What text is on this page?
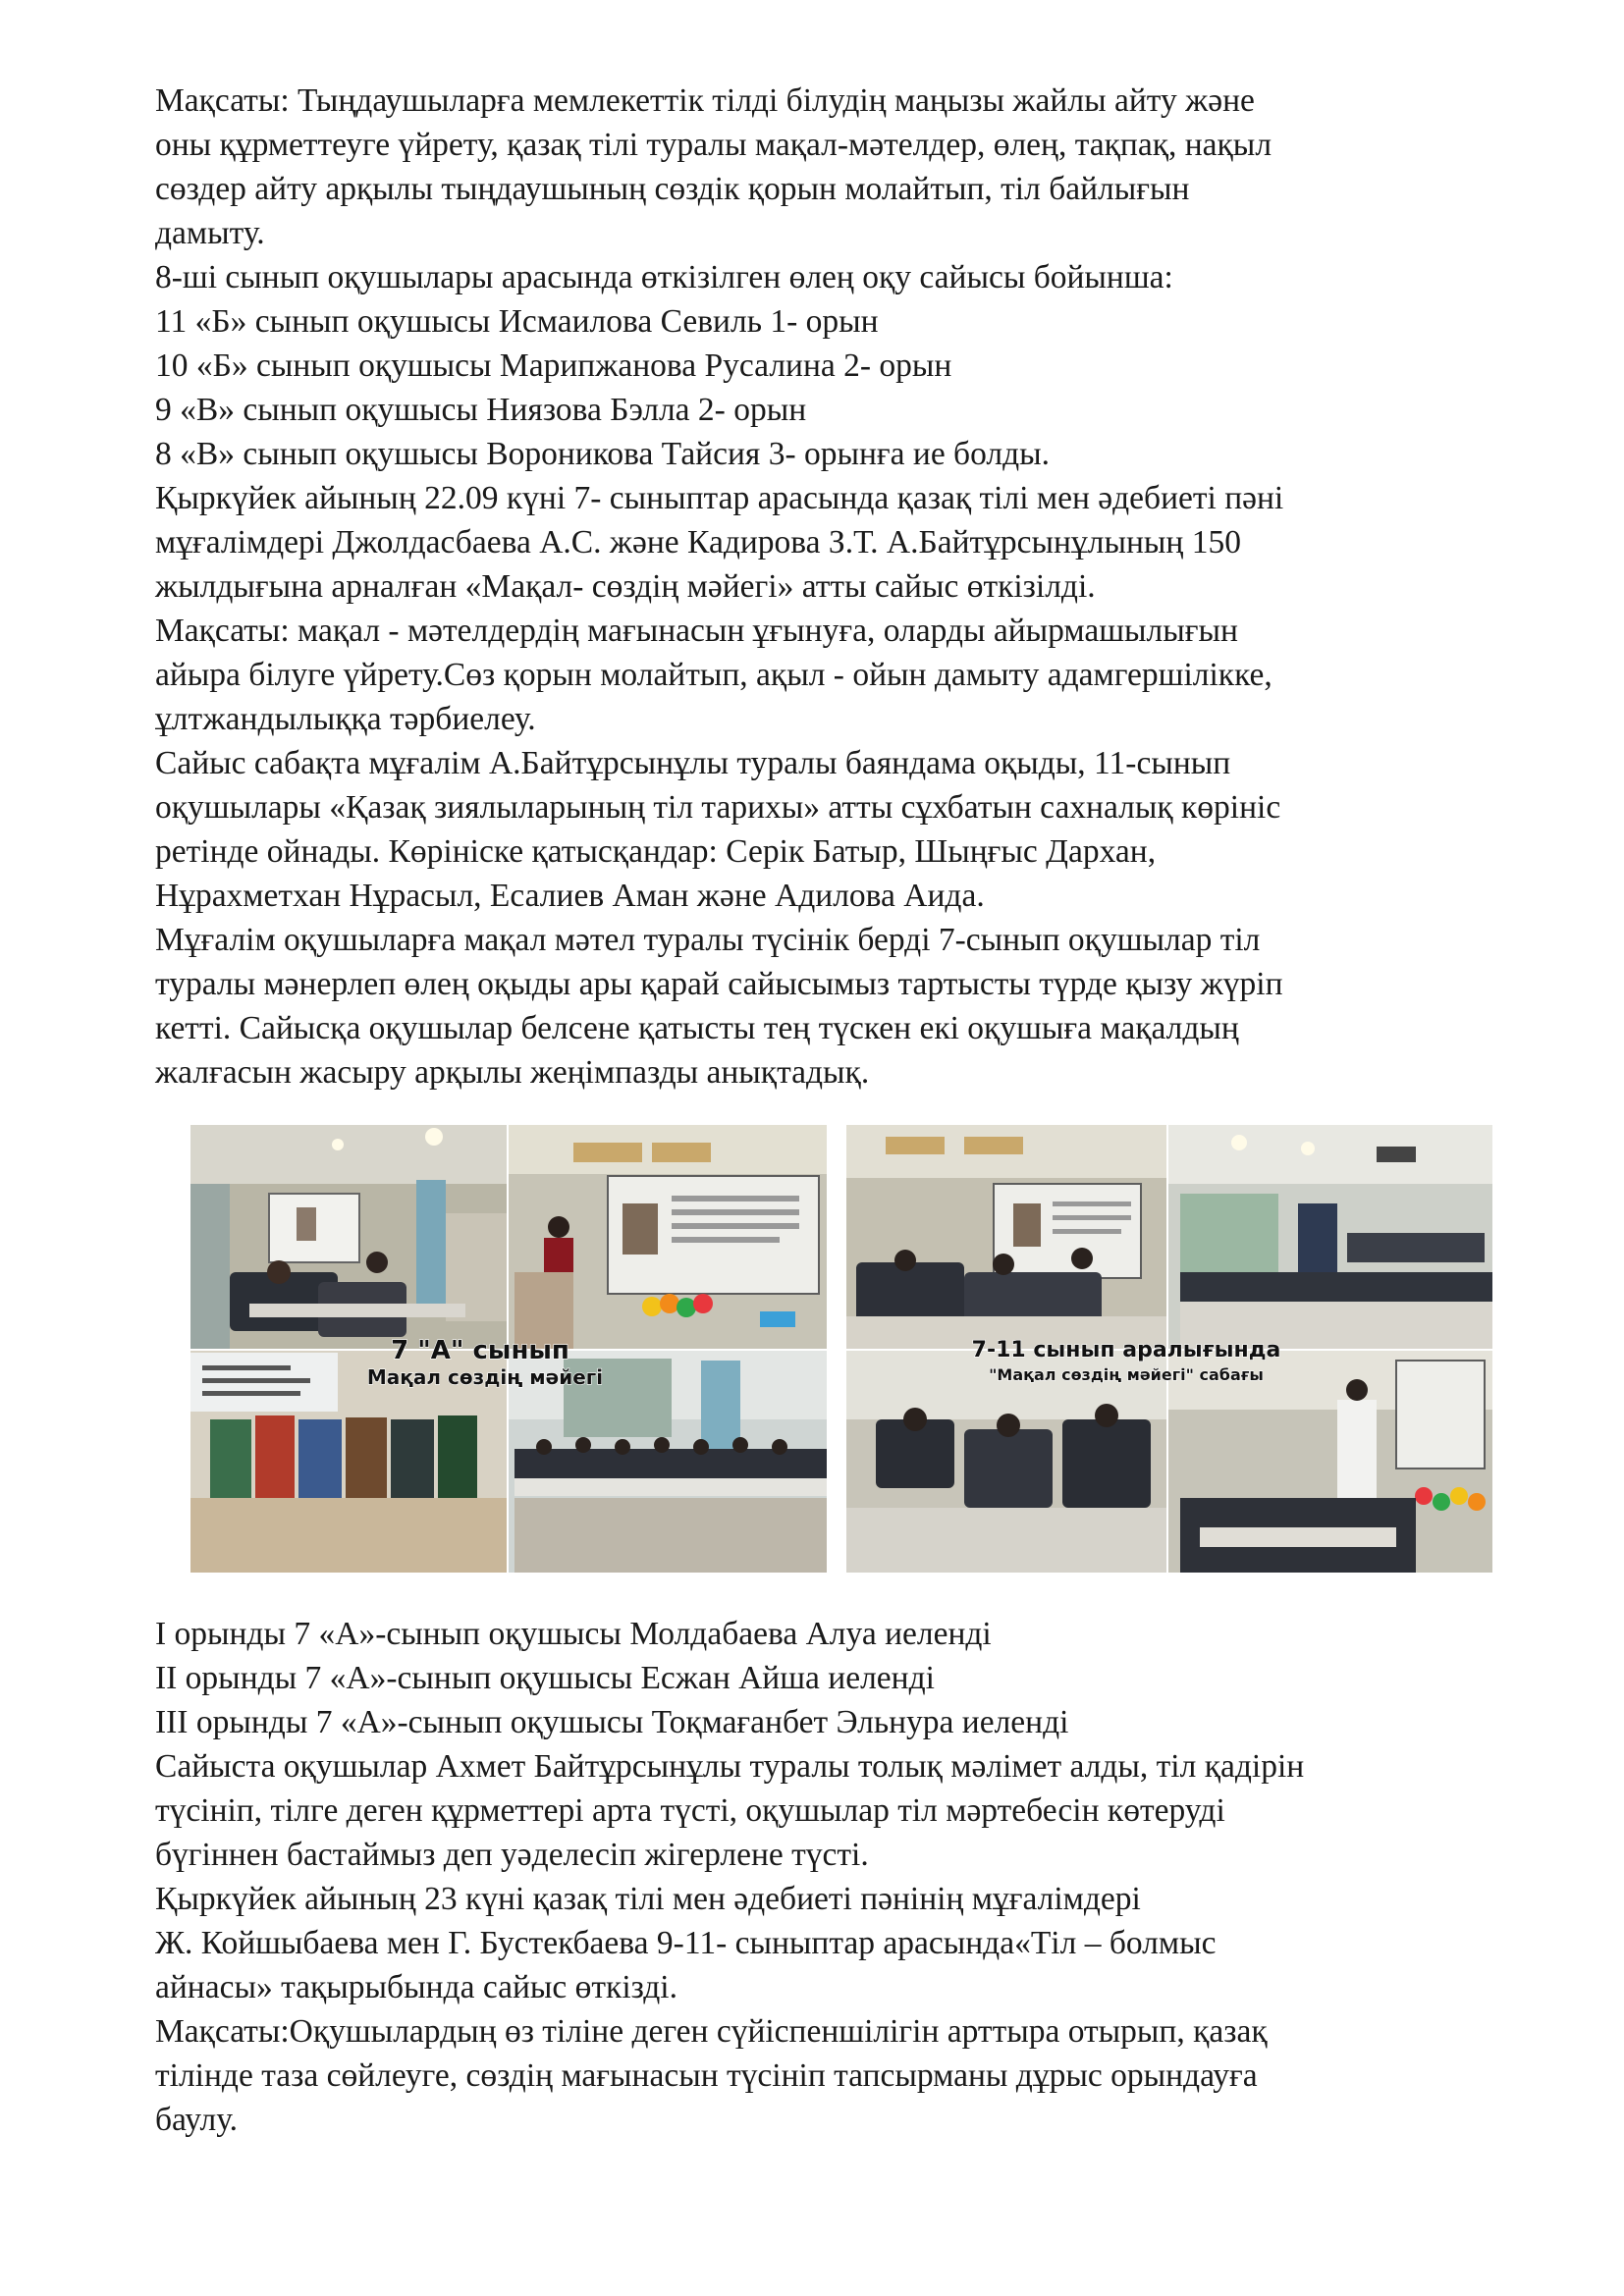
Мақсаты: Тыңдаушыларға мемлекеттік тілді білудің маңызы жайлы айту және

оны құрметтеуге үйрету, қазақ тілі туралы мақал-мәтелдер, өлең, тақпақ, нақыл

сөздер айту арқылы тыңдаушының сөздік қорын молайтып, тіл байлығын

дамыту.

8-ші сынып оқушылары арасында өткізілген өлең оқу сайысы бойынша:

11 «Б» сынып оқушысы Исмаилова Севиль 1- орын

10 «Б» сынып оқушысы Марипжанова Русалина 2- орын

9 «В» сынып оқушысы Ниязова Бэлла 2- орын

8 «В» сынып оқушысы Вороникова Тайсия 3- орынға ие болды.

Қыркүйек айының 22.09 күні 7- сыныптар арасында қазақ тілі мен әдебиеті пәні

мұғалімдері Джолдасбаева А.С. және Кадирова З.Т. А.Байтұрсынұлының 150

жылдығына арналған «Мақал- сөздің мәйегі» атты сайыс өткізілді.

Мақсаты: мақал - мәтелдердің мағынасын ұғынуға, оларды айырмашылығын

айыра білуге үйрету.Сөз қорын молайтып, ақыл - ойын дамыту адамгершілікке,

ұлтжандылыққа тәрбиелеу.

Сайыс сабақта мұғалім А.Байтұрсынұлы туралы баяндама оқыды, 11-сынып

оқушылары «Қазақ зиялыларының тіл тарихы» атты сұхбатын сахналық көрініс

ретінде ойнады. Көрініске қатысқандар: Серік Батыр, Шыңғыс Дархан,

Нұрахметхан Нұрасыл, Есалиев Аман және Адилова Аида.

Мұғалім оқушыларға мақал мәтел туралы түсінік берді 7-сынып оқушылар тіл

туралы мәнерлеп өлең оқыды ары қарай сайысымыз тартысты түрде қызу жүріп

кетті. Сайысқа оқушылар белсене қатысты тең түскен екі оқушыға мақалдың

жалғасын жасыру арқылы жеңімпазды анықтадық.

7 "А" сынып
Мақал сөздің мәйегі
7-11 сынып аралығында
"Мақал сөздің мәйегі" сабағы

І орынды 7 «А»-сынып оқушысы Молдабаева Алуа иеленді

ІІ орынды 7 «А»-сынып оқушысы Есжан Айша иеленді

ІІІ орынды 7 «А»-сынып оқушысы Тоқмағанбет Эльнура иеленді

Сайыста оқушылар Ахмет Байтұрсынұлы туралы толық мәлімет алды, тіл қадірін

түсініп, тілге деген құрметтері арта түсті, оқушылар тіл мәртебесін көтеруді

бүгіннен бастаймыз деп уәделесіп жігерлене түсті.

Қыркүйек айының 23 күні қазақ тілі мен әдебиеті пәнінің мұғалімдері

Ж. Койшыбаева мен Г. Бустекбаева 9-11- сыныптар арасында«Тіл – болмыс

айнасы» тақырыбында сайыс өткізді.

Мақсаты:Оқушылардың өз тіліне деген сүйіспеншілігін арттыра отырып, қазақ

тілінде таза сөйлеуге, сөздің мағынасын түсініп тапсырманы дұрыс орындауға

баулу.
